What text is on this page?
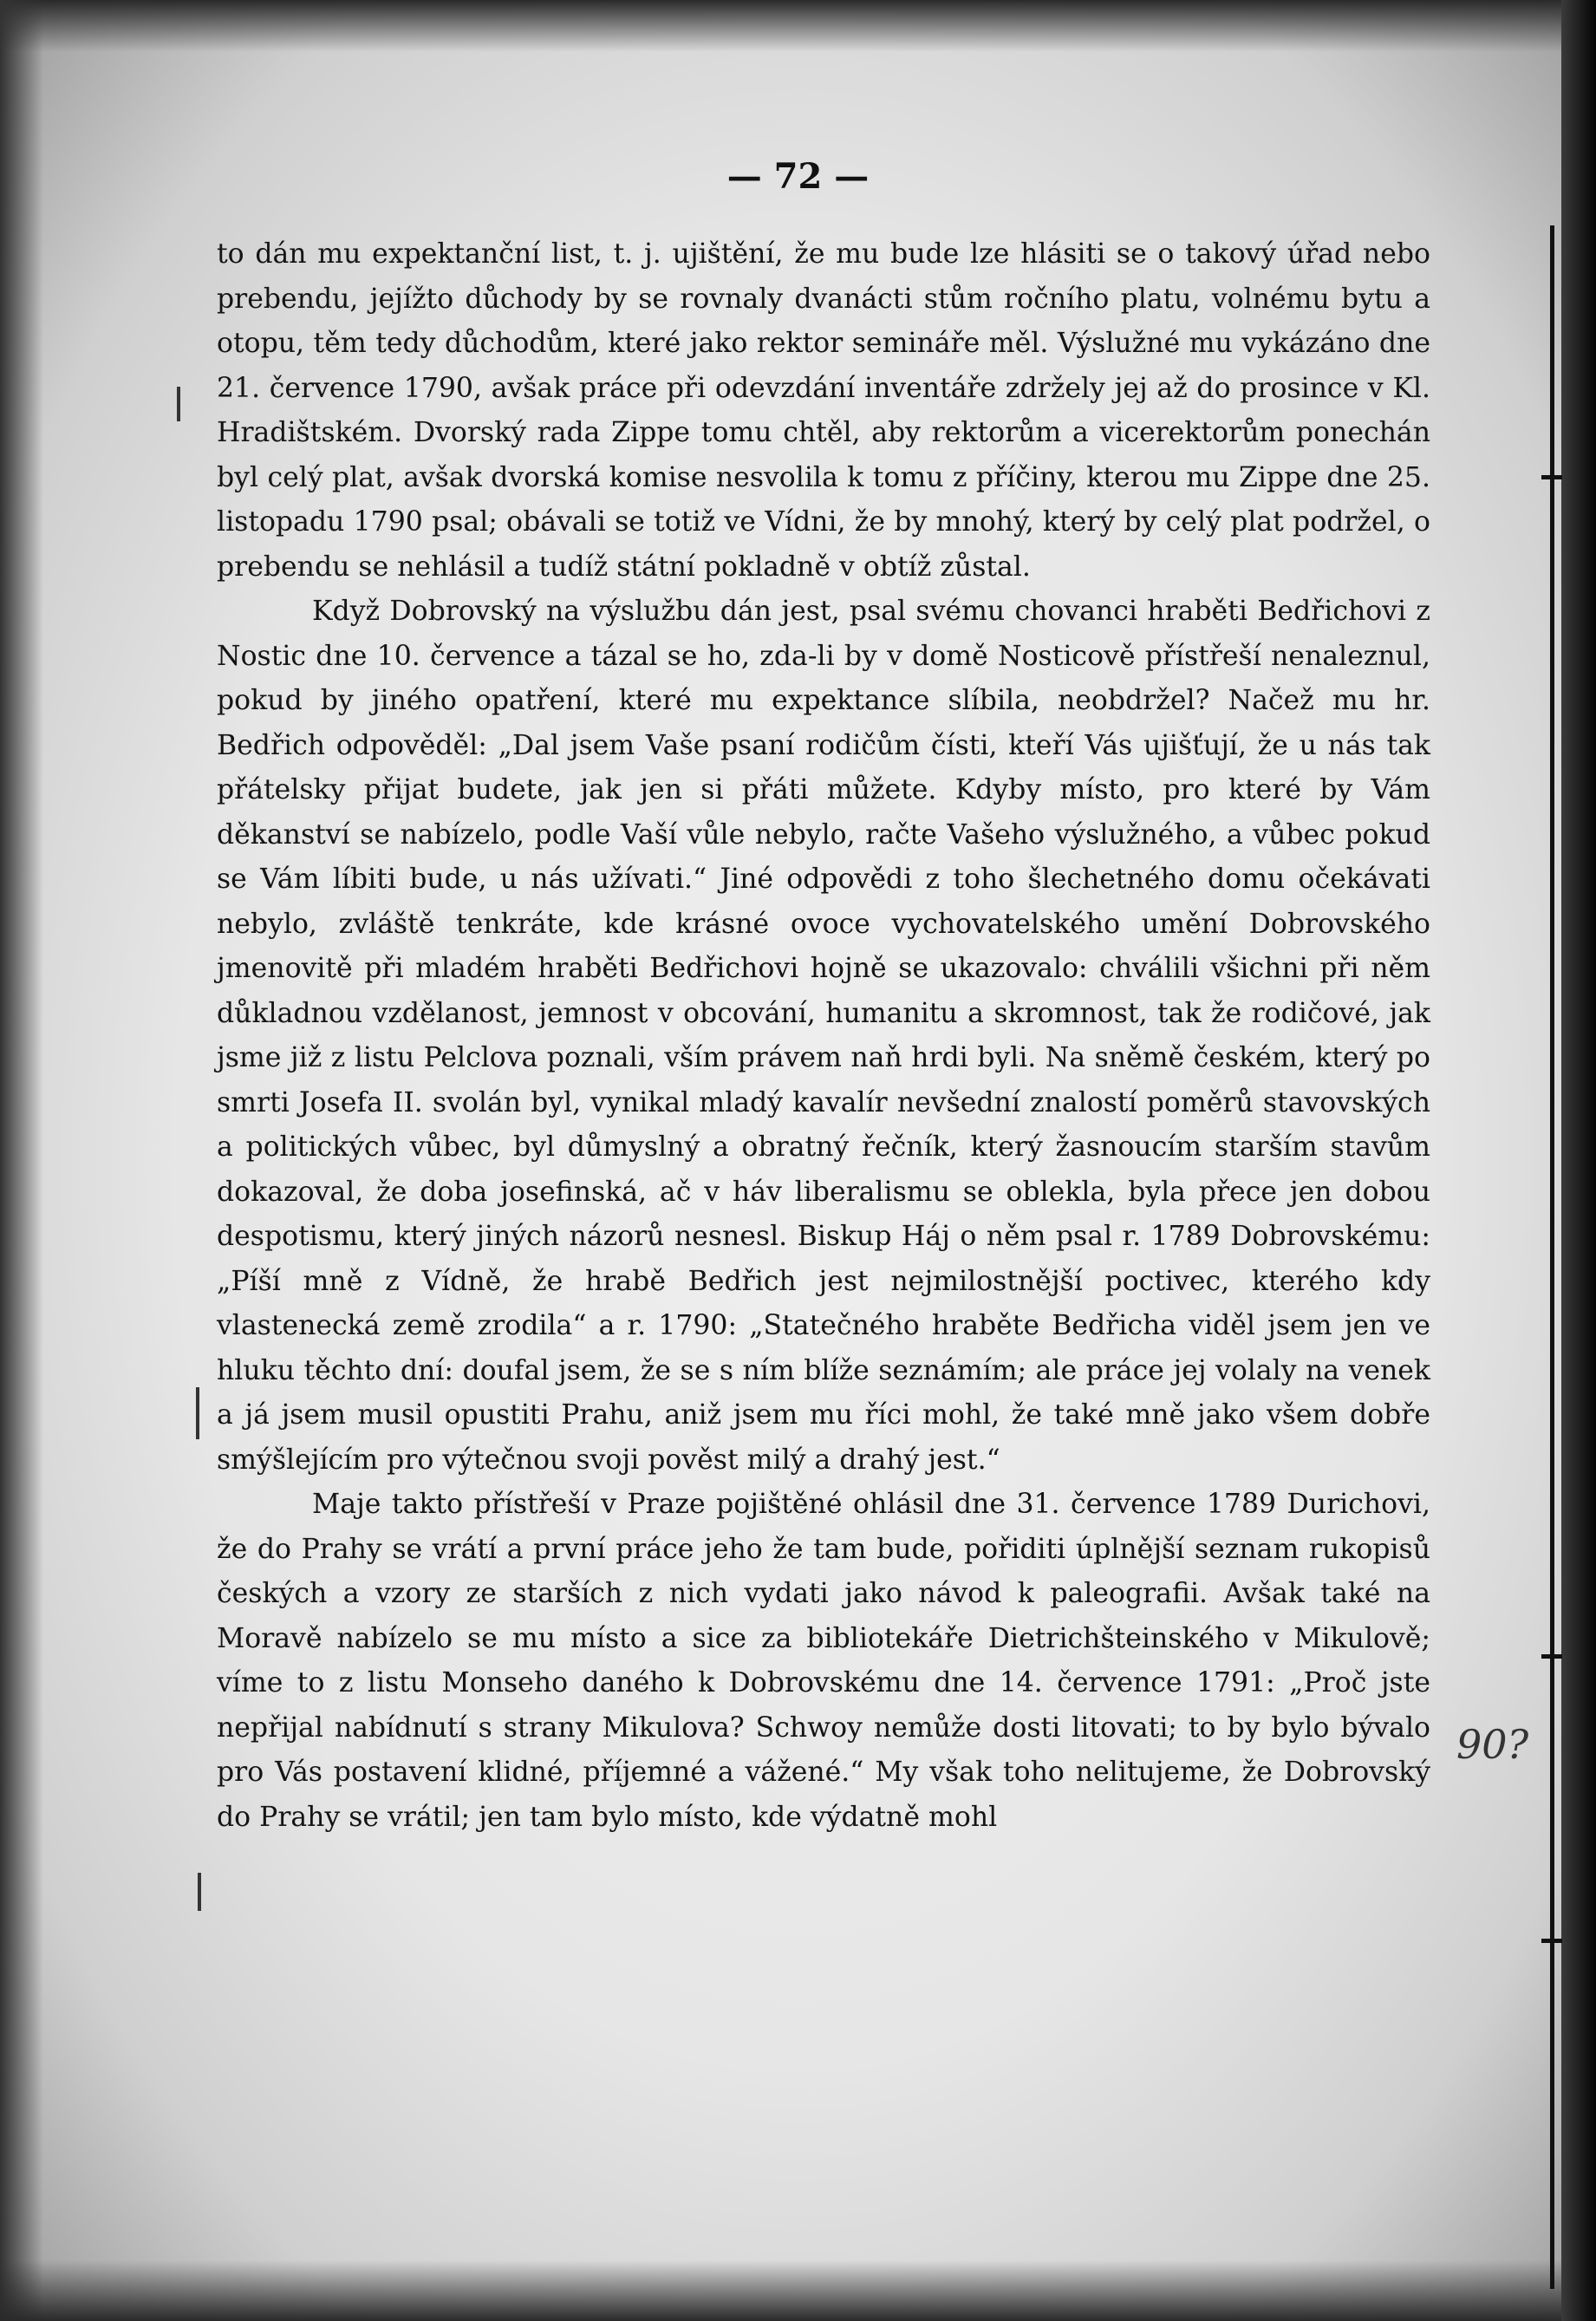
— 72 —

to dán mu expektanční list, t. j. ujištění, že mu bude lze hlásiti se o takový úřad nebo prebendu, jejížto důchody by se rovnaly dvanácti stům ročního platu, volnému bytu a otopu, těm tedy důchodům, které jako rektor semináře měl. Výslužné mu vykázáno dne 21. července 1790, avšak práce při odevzdání inventáře zdržely jej až do prosince v Kl. Hradištském. Dvorský rada Zippe tomu chtěl, aby rektorům a vicerektorům ponechán byl celý plat, avšak dvorská komise nesvolila k tomu z příčiny, kterou mu Zippe dne 25. listopadu 1790 psal; obávali se totiž ve Vídni, že by mnohý, který by celý plat podržel, o prebendu se nehlásil a tudíž státní pokladně v obtíž zůstal.

Když Dobrovský na výslužbu dán jest, psal svému chovanci hraběti Bedřichovi z Nostic dne 10. července a tázal se ho, zda-li by v domě Nosticově přístřeší nenaleznul, pokud by jiného opatření, které mu expektance slíbila, neobdržel? Načež mu hr. Bedřich odpověděl: „Dal jsem Vaše psaní rodičům čísti, kteří Vás ujišťují, že u nás tak přátelsky přijat budete, jak jen si přáti můžete. Kdyby místo, pro které by Vám děkanství se nabízelo, podle Vaší vůle nebylo, račte Vašeho výslužného, a vůbec pokud se Vám líbiti bude, u nás užívati.“ Jiné odpovědi z toho šlechetného domu očekávati nebylo, zvláště tenkráte, kde krásné ovoce vychovatelského umění Dobrovského jmenovitě při mladém hraběti Bedřichovi hojně se ukazovalo: chválili všichni při něm důkladnou vzdělanost, jemnost v obcování, humanitu a skromnost, tak že rodičové, jak jsme již z listu Pelclova poznali, vším právem naň hrdi byli. Na sněmě českém, který po smrti Josefa II. svolán byl, vynikal mladý kavalír nevšední znalostí poměrů stavovských a politických vůbec, byl důmyslný a obratný řečník, který žasnoucím starším stavům dokazoval, že doba josefinská, ač v háv liberalismu se oblekla, byla přece jen dobou despotismu, který jiných názorů nesnesl. Biskup Háj o něm psal r. 1789 Dobrovskému: „Píší mně z Vídně, že hrabě Bedřich jest nejmilostnější poctivec, kterého kdy vlastenecká země zrodila“ a r. 1790: „Statečného hraběte Bedřicha viděl jsem jen ve hluku těchto dní: doufal jsem, že se s ním blíže seznámím; ale práce jej volaly na venek a já jsem musil opustiti Prahu, aniž jsem mu říci mohl, že také mně jako všem dobře smýšlejícím pro výtečnou svoji pověst milý a drahý jest.“

Maje takto přístřeší v Praze pojištěné ohlásil dne 31. července 1789 Durichovi, že do Prahy se vrátí a první práce jeho že tam bude, pořiditi úplnější seznam rukopisů českých a vzory ze starších z nich vydati jako návod k paleografii. Avšak také na Moravě nabízelo se mu místo a sice za bibliotekáře Dietrichšteinského v Mikulově; víme to z listu Monseho daného k Dobrovskému dne 14. července 1791: „Proč jste nepřijal nabídnutí s strany Mikulova? Schwoy nemůže dosti litovati; to by bylo bývalo pro Vás postavení klidné, příjemné a vážené.“ My však toho nelitujeme, že Dobrovský do Prahy se vrátil; jen tam bylo místo, kde výdatně mohl

90?
